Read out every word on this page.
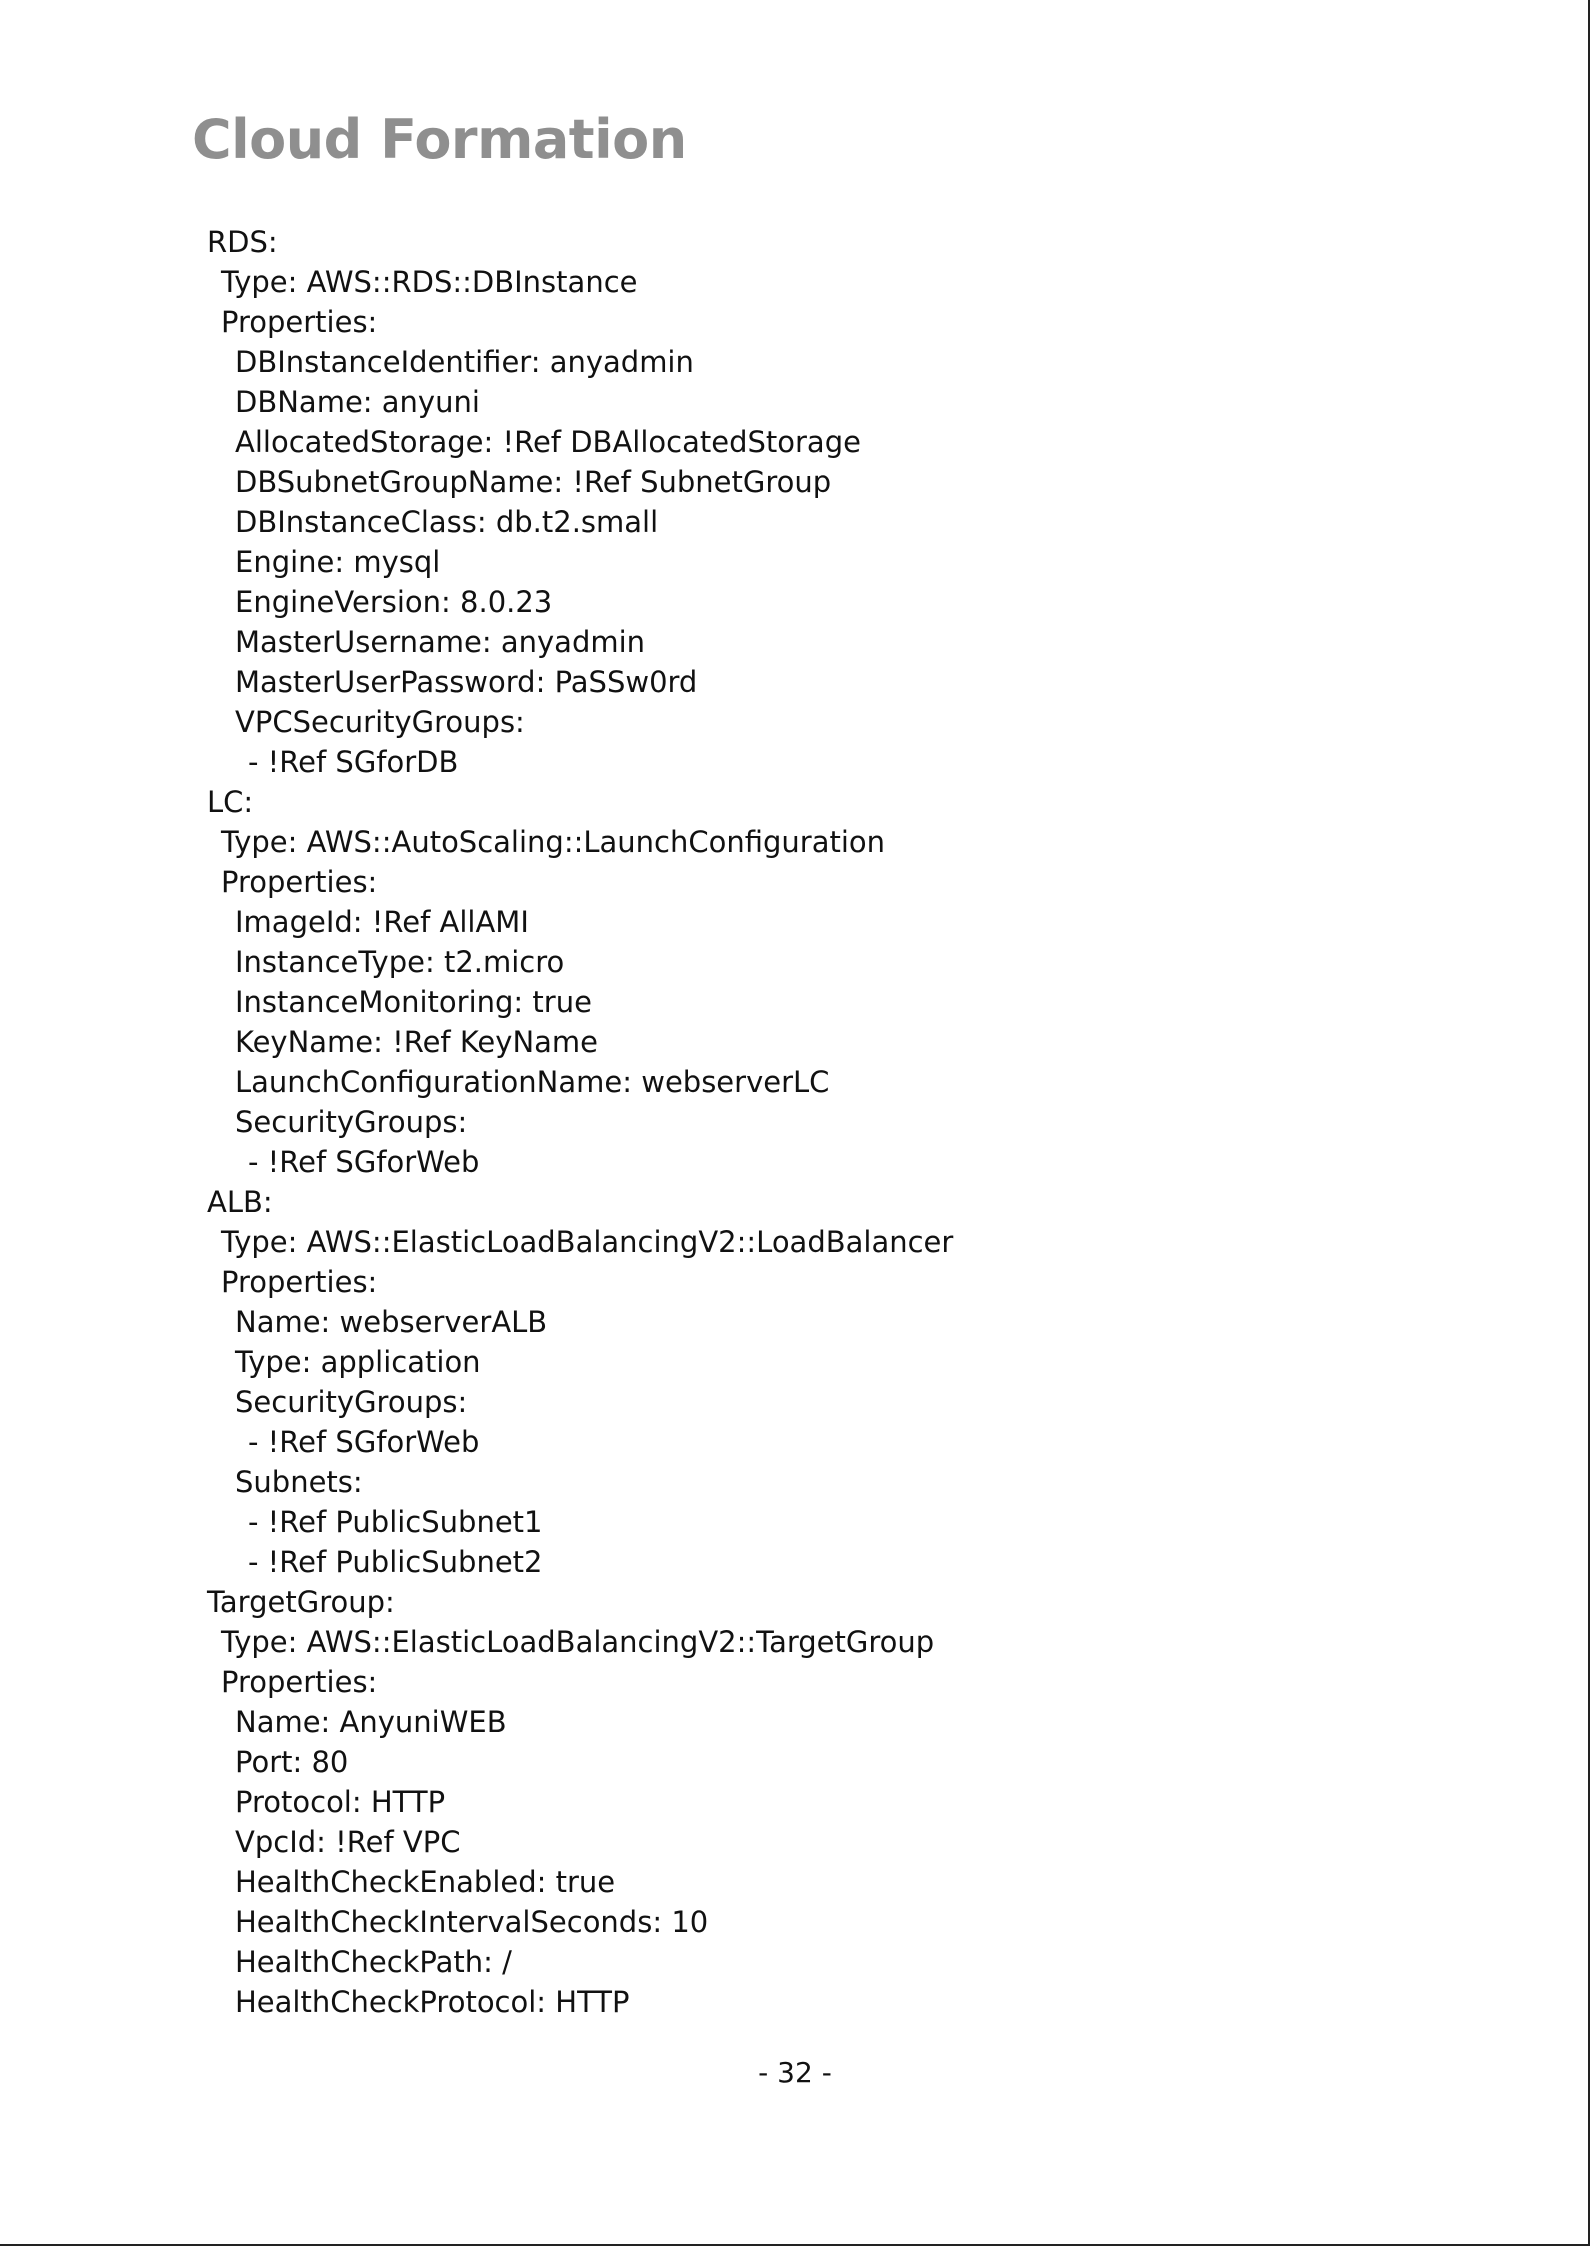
Cloud Formation
RDS:
Type: AWS::RDS::DBInstance
Properties:
DBInstanceIdentifier: anyadmin
DBName: anyuni
AllocatedStorage: !Ref DBAllocatedStorage
DBSubnetGroupName: !Ref SubnetGroup
DBInstanceClass: db.t2.small
Engine: mysql
EngineVersion: 8.0.23
MasterUsername: anyadmin
MasterUserPassword: PaSSw0rd
VPCSecurityGroups:
- !Ref SGforDB
LC:
Type: AWS::AutoScaling::LaunchConfiguration
Properties:
ImageId: !Ref AllAMI
InstanceType: t2.micro
InstanceMonitoring: true
KeyName: !Ref KeyName
LaunchConfigurationName: webserverLC
SecurityGroups:
- !Ref SGforWeb
ALB:
Type: AWS::ElasticLoadBalancingV2::LoadBalancer
Properties:
Name: webserverALB
Type: application
SecurityGroups:
- !Ref SGforWeb
Subnets:
- !Ref PublicSubnet1
- !Ref PublicSubnet2
TargetGroup:
Type: AWS::ElasticLoadBalancingV2::TargetGroup
Properties:
Name: AnyuniWEB
Port: 80
Protocol: HTTP
VpcId: !Ref VPC
HealthCheckEnabled: true
HealthCheckIntervalSeconds: 10
HealthCheckPath: /
HealthCheckProtocol: HTTP
- 32 -
